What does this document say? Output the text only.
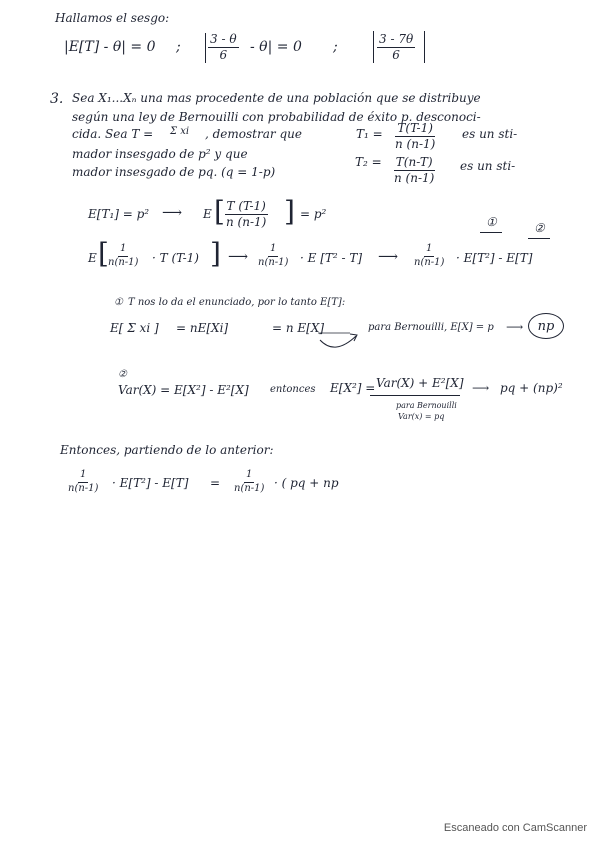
Hallamos el sesgo:
|E[T] - θ| = 0 ; $\frac{3 - \theta}{6} - \theta| = 0$ ;	$\frac{3 - 7\theta}{6}$
3. Sea X₁...Xₙ una mas procedente de una población que se distribuye
según una ley de Bernouilli con probabilidad de éxito p. desconoci-
cida. Sea T = Σ xi , demostrar que	$T_1 = \frac{T(T-1)}{n (n-1)}$ es un sti-
mador insesgado de p² y que
$T_2 = \frac{T(n-T)}{n (n-1)}$ es un sti-
mador insesgado de pq. (q = 1-p)
E[T₁] = p² ⟶ E [ $\frac{T (T-1)}{n (n-1)}$ ] = p²
E [
$\frac{1}{n(n-1)} \cdot T$ (T-1) ] ⟶ $\frac{1}{n(n-1)} \cdot E$ [T² - T] ⟶ $\frac{1}{n(n-1)} \cdot E[T^2] - E[T]$
①	②
① T nos lo da el enunciado, por lo tanto E[T]:
E[ Σ xi ] = nE[Xi]	= n E[X]	para Bernouilli, E[X] = p	np
⟶
②
Var(X) = E[X²] - E²[X] entonces E[X²] = Var(X) + E²[X]
para Bernouilli
Var(x) = pq
⟶ pq + (np)²
Entonces, partiendo de lo anterior:
$\frac{1}{n(n-1)} \cdot E[T^2] - E[T] = \frac{1}{n(n-1)}$ · ( pq + np
Escaneado con CamScanner
